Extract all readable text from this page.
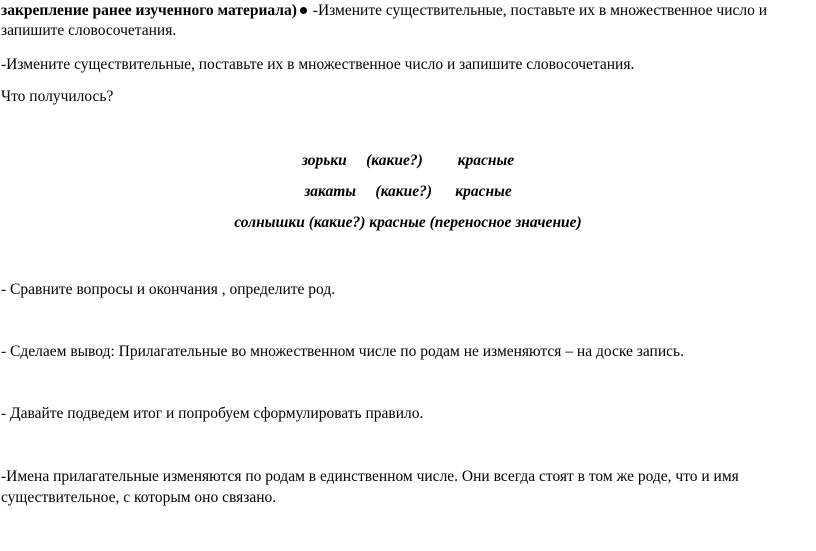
закрепление ранее изученного материала) -Измените существительные, поставьте их в множественное число и
запишите словосочетания.
-Измените существительные, поставьте их в множественное число и запишите словосочетания.
Что получилось?
зорьки     (какие?)         красные
закаты     (какие?)      красные
солнышки (какие?) красные (переносное значение)
- Сравните вопросы и окончания , определите род.
- Сделаем вывод: Прилагательные во множественном числе по родам не изменяются – на доске запись.
- Давайте подведем итог и попробуем сформулировать правило.
-Имена прилагательные изменяются по родам в единственном числе. Они всегда стоят в том же роде, что и имя
существительное, с которым оно связано.
